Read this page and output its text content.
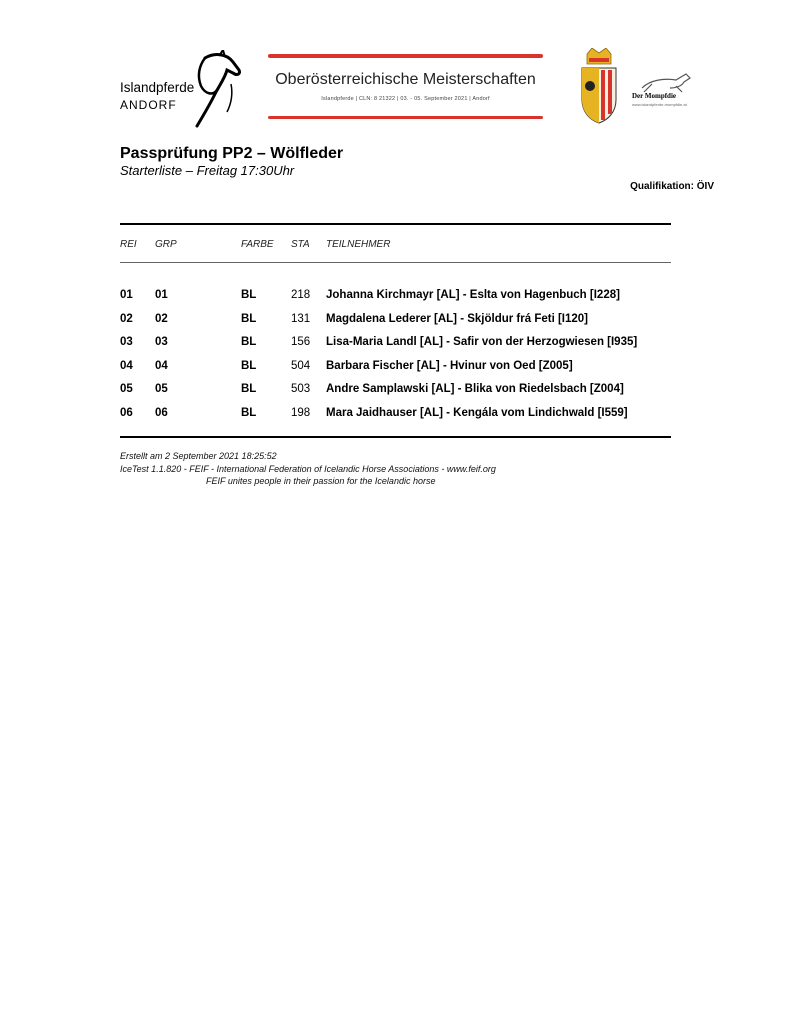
Islandpferde
ANDORF
Oberösterreichische Meisterschaften
Islandpferde | CLN: 8 21322 | 03. - 05. September 2021 | Andorf	Der Mompfdie
www.islandpferde-mompfdie.at
Passprüfung PP2 – Wölfleder
Starterliste – Freitag 17:30Uhr
Qualifikation: ÖIV
REI GRP	FARBE STA TEILNEHMER
01 01	BL	218 Johanna Kirchmayr [AL] - Eslta von Hagenbuch [I228]
02 02	BL	131 Magdalena Lederer [AL] - Skjöldur frá Feti [I120]
03 03	BL	156 Lisa-Maria Landl [AL] - Safir von der Herzogwiesen [I935]
04 04	BL	504 Barbara Fischer [AL] - Hvinur von Oed [Z005]
05 05	BL	503 Andre Samplawski [AL] - Blika von Riedelsbach [Z004]
06 06	BL	198 Mara Jaidhauser [AL] - Kengála vom Lindichwald [I559]
Erstellt am 2 September 2021 18:25:52
IceTest 1.1.820 - FEIF - International Federation of Icelandic Horse Associations - www.feif.org
FEIF unites people in their passion for the Icelandic horse
